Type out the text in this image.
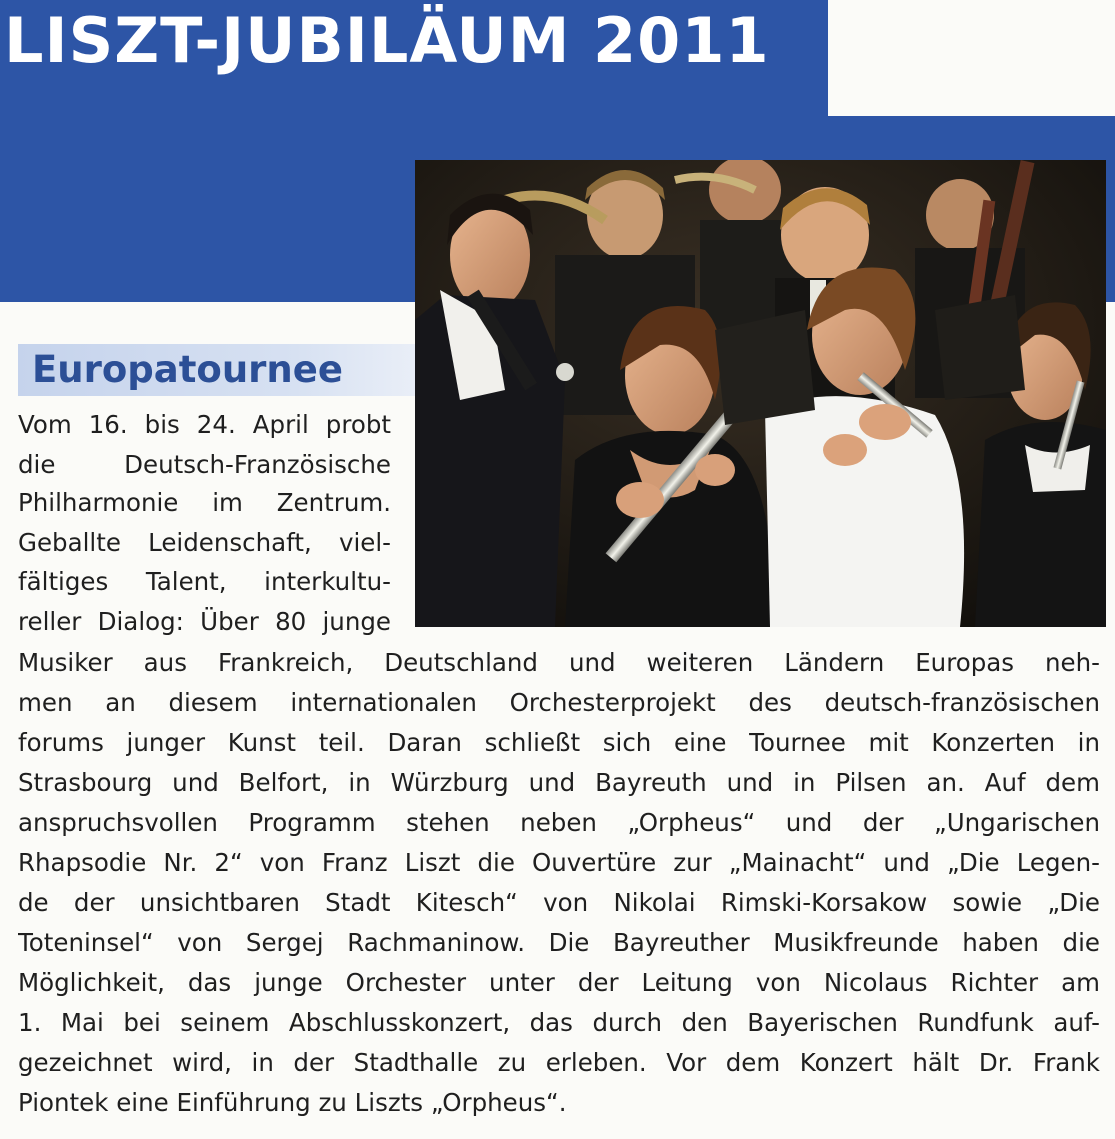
LISZT-JUBILÄUM 2011
Europatournee
Vom 16. bis 24. April probt
die Deutsch-Französische
Philharmonie im Zentrum.
Geballte Leidenschaft, viel-
fältiges Talent, interkultu-
reller Dialog: Über 80 junge
Musiker aus Frankreich, Deutschland und weiteren Ländern Europas neh-
men an diesem internationalen Orchesterprojekt des deutsch-französischen
forums junger Kunst teil. Daran schließt sich eine Tournee mit Konzerten in
Strasbourg und Belfort, in Würzburg und Bayreuth und in Pilsen an. Auf dem
anspruchsvollen Programm stehen neben „Orpheus“ und der „Ungarischen
Rhapsodie Nr. 2“ von Franz Liszt die Ouvertüre zur „Mainacht“ und „Die Legen-
de der unsichtbaren Stadt Kitesch“ von Nikolai Rimski-Korsakow sowie „Die
Toteninsel“ von Sergej Rachmaninow. Die Bayreuther Musikfreunde haben die
Möglichkeit, das junge Orchester unter der Leitung von Nicolaus Richter am
1. Mai bei seinem Abschlusskonzert, das durch den Bayerischen Rundfunk auf-
gezeichnet wird, in der Stadthalle zu erleben. Vor dem Konzert hält Dr. Frank
Piontek eine Einführung zu Liszts „Orpheus“.
